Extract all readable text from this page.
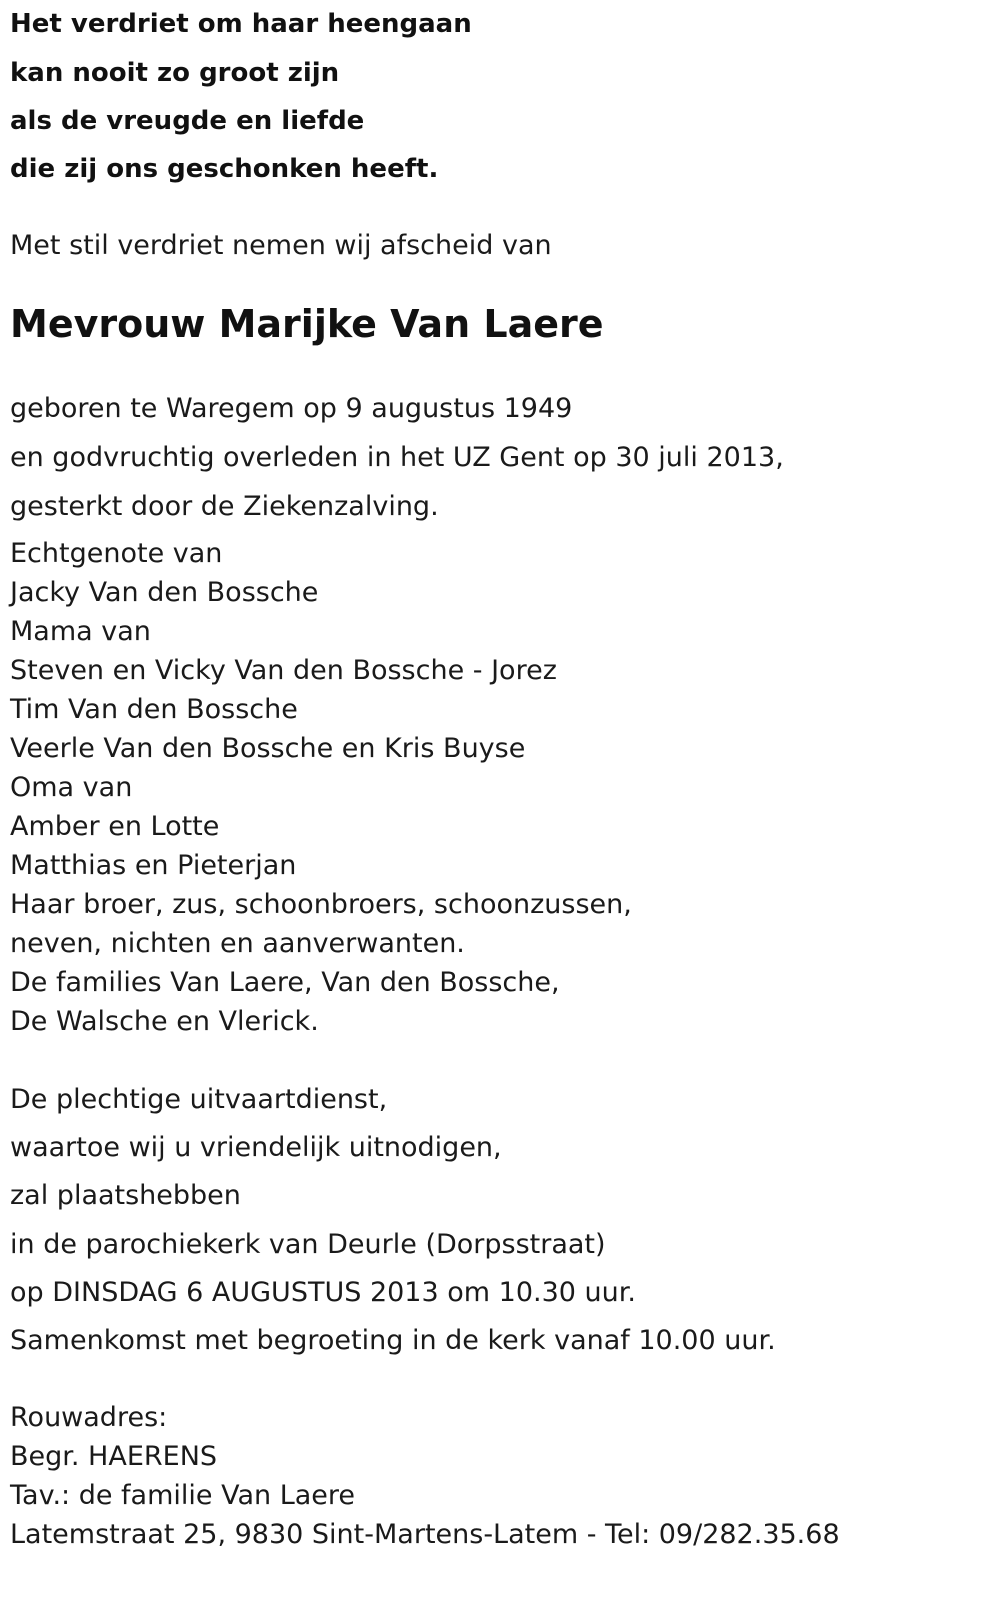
Het verdriet om haar heengaan

kan nooit zo groot zijn

als de vreugde en liefde

die zij ons geschonken heeft.

Met stil verdriet nemen wij afscheid van

Mevrouw Marijke Van Laere

geboren te Waregem op 9 augustus 1949

en godvruchtig overleden in het UZ Gent op 30 juli 2013,

gesterkt door de Ziekenzalving.

Echtgenote van

Jacky Van den Bossche

Mama van

Steven en Vicky Van den Bossche - Jorez

Tim Van den Bossche

Veerle Van den Bossche en Kris Buyse

Oma van

Amber en Lotte

Matthias en Pieterjan

Haar broer, zus, schoonbroers, schoonzussen,

neven, nichten en aanverwanten.

De families Van Laere, Van den Bossche,

De Walsche en Vlerick.

De plechtige uitvaartdienst,

waartoe wij u vriendelijk uitnodigen,

zal plaatshebben

in de parochiekerk van Deurle (Dorpsstraat)

op DINSDAG 6 AUGUSTUS 2013 om 10.30 uur.

Samenkomst met begroeting in de kerk vanaf 10.00 uur.

Rouwadres:

Begr. HAERENS

Tav.: de familie Van Laere

Latemstraat 25, 9830 Sint-Martens-Latem - Tel: 09/282.35.68
